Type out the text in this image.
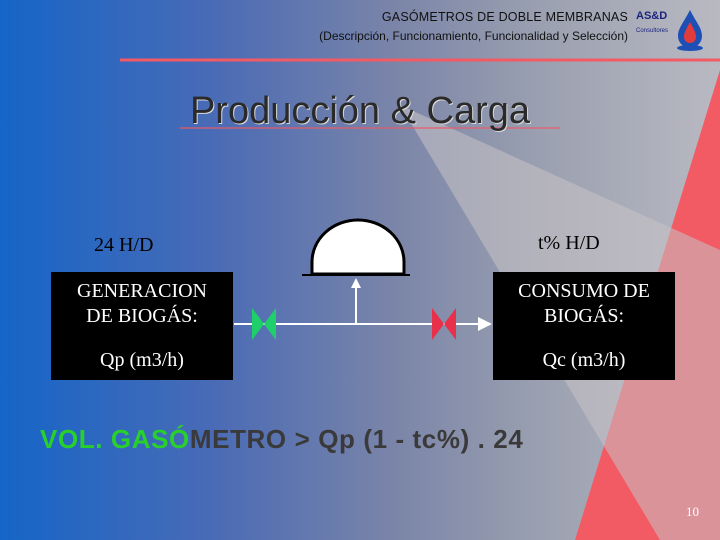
GASÓMETROS DE DOBLE MEMBRANAS
(Descripción, Funcionamiento, Funcionalidad y Selección)
AS&D
Consultores
Producción & Carga
24 H/D	t% H/D
GENERACION
DE BIOGÁS:
Qp (m3/h)
CONSUMO DE
BIOGÁS:
Qc (m3/h)
VOL. GASÓMETRO > Qp (1 - tc%) . 24
10
